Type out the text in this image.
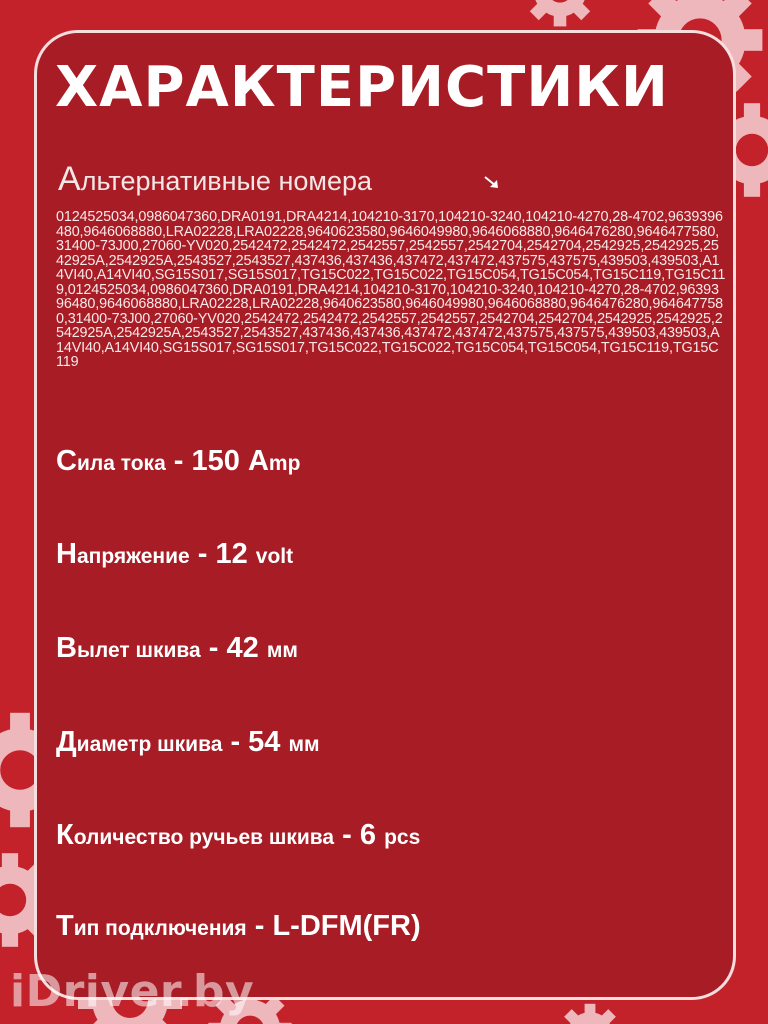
ХАРАКТЕРИСТИКИ
Альтернативные номера
0124525034,0986047360,DRA0191,DRA4214,104210-3170,104210-3240,104210-4270,28-4702,9639396480,9646068880,LRA02228,LRA02228,9640623580,9646049980,9646068880,9646476280,9646477580,31400-73J00,27060-YV020,2542472,2542472,2542557,2542557,2542704,2542704,2542925,2542925,2542925A,2542925A,2543527,2543527,437436,437436,437472,437472,437575,437575,439503,439503,A14VI40,A14VI40,SG15S017,SG15S017,TG15C022,TG15C022,TG15C054,TG15C054,TG15C119,TG15C119,0124525034,0986047360,DRA0191,DRA4214,104210-3170,104210-3240,104210-4270,28-4702,9639396480,9646068880,LRA02228,LRA02228,9640623580,9646049980,9646068880,9646476280,9646477580,31400-73J00,27060-YV020,2542472,2542472,2542557,2542557,2542704,2542704,2542925,2542925,2542925A,2542925A,2543527,2543527,437436,437436,437472,437472,437575,437575,439503,439503,A14VI40,A14VI40,SG15S017,SG15S017,TG15C022,TG15C022,TG15C054,TG15C054,TG15C119,TG15C119
Сила тока - 150 Аmp
Напряжение - 12 volt
Вылет шкива - 42 мм
Диаметр шкива - 54 мм
Количество ручьев шкива - 6 pcs
Тип подключения - L-DFM(FR)
iDriver.by
